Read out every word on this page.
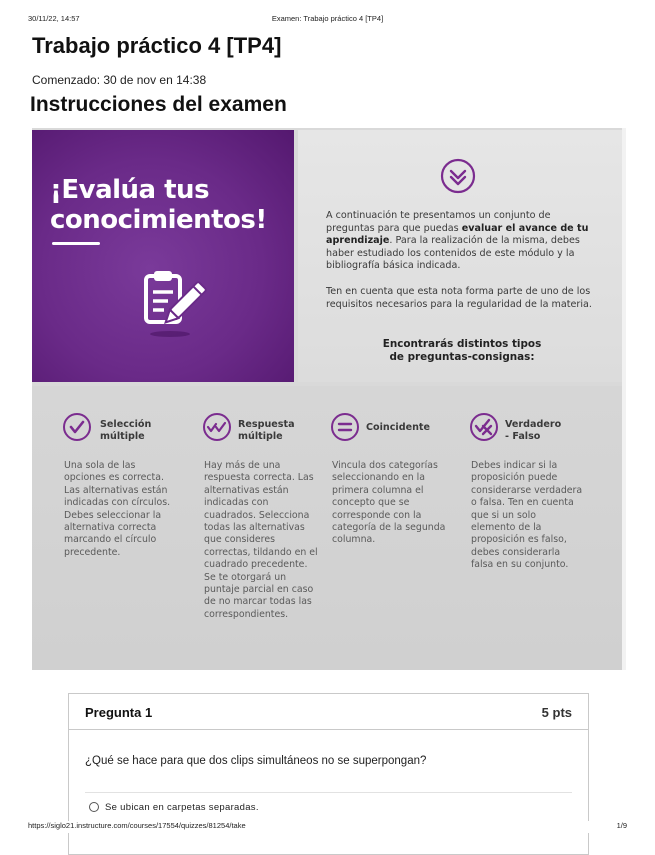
30/11/22, 14:57	Examen: Trabajo práctico 4 [TP4]
Trabajo práctico 4 [TP4]
Comenzado: 30 de nov en 14:38
Instrucciones del examen
¡Evalúa tus
conocimientos!	A continuación te presentamos un conjunto de preguntas para que puedas evaluar el avance de tu aprendizaje. Para la realización de la misma, debes haber estudiado los contenidos de este módulo y la bibliografía básica indicada.
Ten en cuenta que esta nota forma parte de uno de los requisitos necesarios para la regularidad de la materia.
Encontrarás distintos tipos
de preguntas-consignas:
Selección
múltiple
Una sola de las opciones es correcta. Las alternativas están indicadas con círculos. Debes seleccionar la alternativa correcta marcando el círculo precedente.
Respuesta
múltiple
Hay más de una respuesta correcta. Las alternativas están indicadas con cuadrados. Selecciona todas las alternativas que consideres correctas, tildando en el cuadrado precedente. Se te otorgará un puntaje parcial en caso de no marcar todas las correspondientes.
Coincidente
Vincula dos categorías seleccionando en la primera columna el concepto que se corresponde con la categoría de la segunda columna.
Verdadero
- Falso
Debes indicar si la proposición puede considerarse verdadera o falsa. Ten en cuenta que si un solo elemento de la proposición es falso, debes considerarla falsa en su conjunto.
Pregunta 1	5 pts
¿Qué se hace para que dos clips simultáneos no se superpongan?
Se ubican en carpetas separadas.
https://siglo21.instructure.com/courses/17554/quizzes/81254/take	1/9
